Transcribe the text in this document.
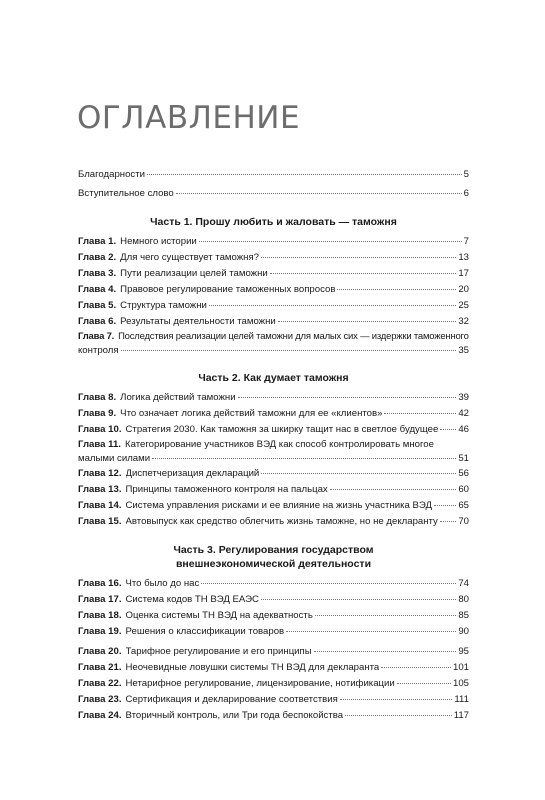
ОГЛАВЛЕНИЕ
Благодарности	5
Вступительное слово	6
Часть 1. Прошу любить и жаловать — таможня
Глава 1. Немного истории	7
Глава 2. Для чего существует таможня?	13
Глава 3. Пути реализации целей таможни	17
Глава 4. Правовое регулирование таможенных вопросов	20
Глава 5. Структура таможни	25
Глава 6. Результаты деятельности таможни	32
Глава 7. Последствия реализации целей таможни для малых сих — издержки таможенного
контроля	35
Часть 2. Как думает таможня
Глава 8. Логика действий таможни	39
Глава 9. Что означает логика действий таможни для ее «клиентов»	42
Глава 10. Стратегия 2030. Как таможня за шкирку тащит нас в светлое будущее 46
Глава 11. Категорирование участников ВЭД как способ контролировать многое
малыми силами	51
Глава 12. Диспетчеризация деклараций	56
Глава 13. Принципы таможенного контроля на пальцах	60
Глава 14. Система управления рисками и ее влияние на жизнь участника ВЭД	65
Глава 15. Автовыпуск как средство облегчить жизнь таможне, но не декларанту 70
Часть 3. Регулирования государством
внешнеэкономической деятельности
Глава 16. Что было до нас	74
Глава 17. Система кодов ТН ВЭД ЕАЭС	80
Глава 18. Оценка системы ТН ВЭД на адекватность	85
Глава 19. Решения о классификации товаров	90
Глава 20. Тарифное регулирование и его принципы	95
Глава 21. Неочевидные ловушки системы ТН ВЭД для декларанта	101
Глава 22. Нетарифное регулирование, лицензирование, нотификации	105
Глава 23. Сертификация и декларирование соответствия	111
Глава 24. Вторичный контроль, или Три года беспокойства	117
